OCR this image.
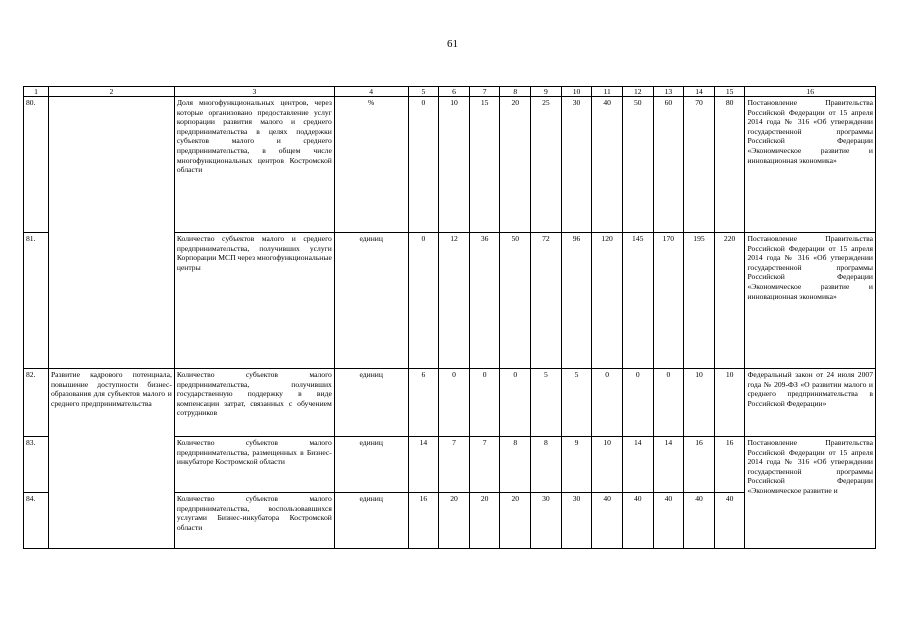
61
1	2	3	4	5	6	7	8	9	10	11	12	13	14	15	16
80.		Доля многофункциональных центров, через которые организовано предоставление услуг корпорации развития малого и среднего предпринимательства в целях поддержки субъектов малого и среднего предпринимательства, в общем числе многофункциональных центров Костромской области	%	0	10	15	20	25	30	40	50	60	70	80	Постановление Правительства Российской Федерации от 15 апреля 2014 года № 316 «Об утверждении государственной программы Российской Федерации «Экономическое развитие и инновационная экономика»
81.		Количество субъектов малого и среднего предпринимательства, получивших услуги Корпорации МСП через многофункциональные центры	единиц	0	12	36	50	72	96	120	145	170	195	220	Постановление Правительства Российской Федерации от 15 апреля 2014 года № 316 «Об утверждении государственной программы Российской Федерации «Экономическое развитие и инновационная экономика»
82.	Развитие кадрового потенциала, повышение доступности бизнес-образования для субъектов малого и среднего предпринимательства	Количество субъектов малого предпринимательства, получивших государственную поддержку в виде компенсации затрат, связанных с обучением сотрудников	единиц	6	0	0	0	5	5	0	0	0	10	10	Федеральный закон от 24 июля 2007 года № 209-ФЗ «О развитии малого и среднего предпринимательства в Российской Федерации»
83.		Количество субъектов малого предпринимательства, размещенных в Бизнес-инкубаторе Костромской области	единиц	14	7	7	8	8	9	10	14	14	16	16	Постановление Правительства Российской Федерации от 15 апреля 2014 года № 316 «Об утверждении государственной программы Российской Федерации «Экономическое развитие и
84.		Количество субъектов малого предпринимательства, воспользовавшихся услугами Бизнес-инкубатора Костромской области	единиц	16	20	20	20	30	30	40	40	40	40	40	
